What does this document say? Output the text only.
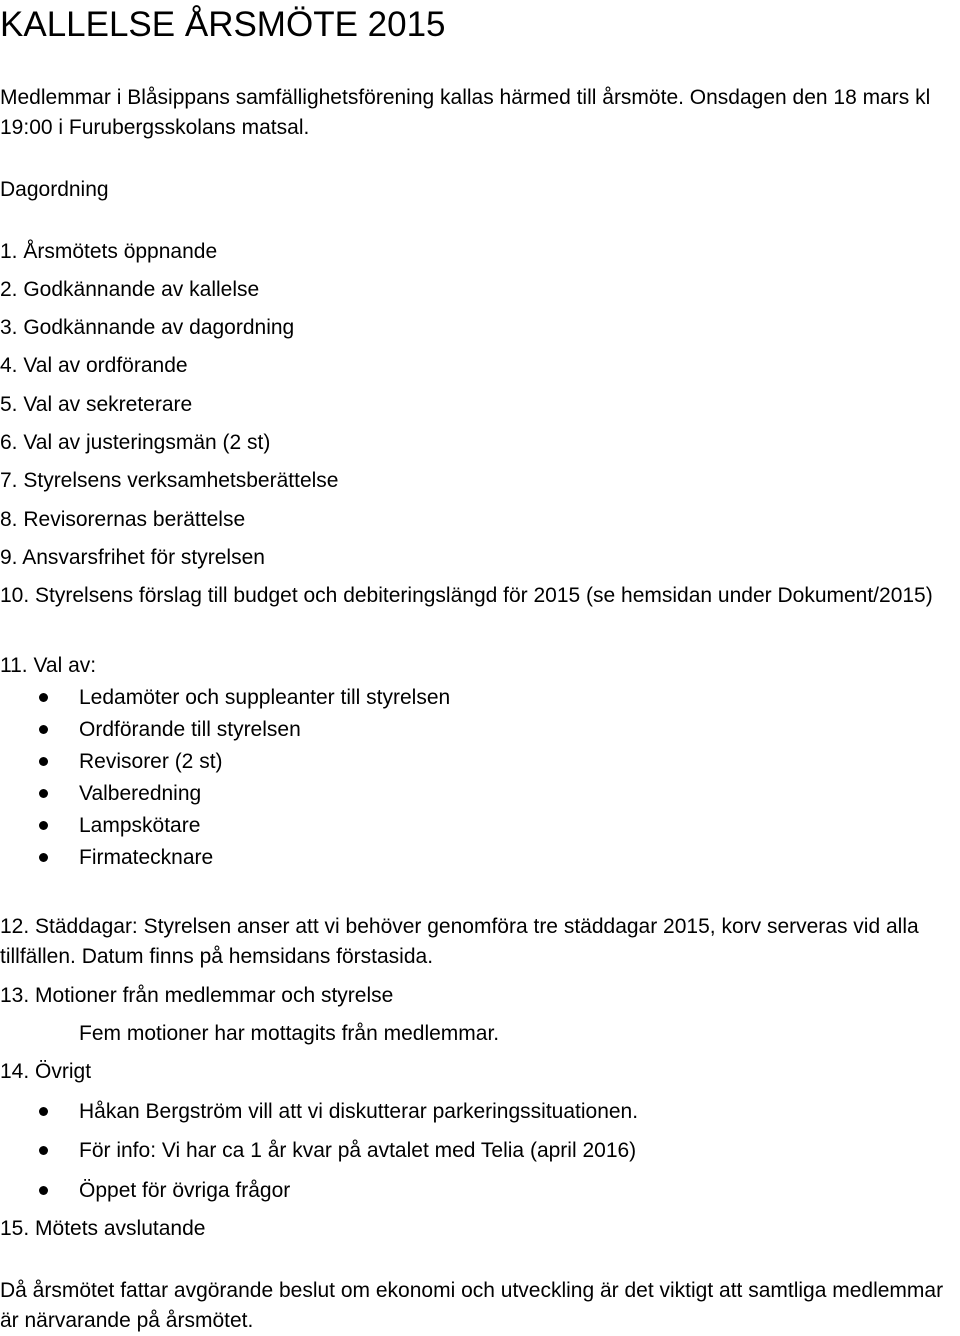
KALLELSE ÅRSMÖTE 2015

Medlemmar i Blåsippans samfällighetsförening kallas härmed till årsmöte. Onsdagen den 18 mars kl 19:00 i Furubergsskolans matsal.

Dagordning
1. Årsmötets öppnande
2. Godkännande av kallelse
3. Godkännande av dagordning
4. Val av ordförande
5. Val av sekreterare
6. Val av justeringsmän (2 st)
7. Styrelsens verksamhetsberättelse
8. Revisorernas berättelse
9. Ansvarsfrihet för styrelsen

10. Styrelsens förslag till budget och debiteringslängd för 2015 (se hemsidan under Dokument/2015)

11. Val av:
Ledamöter och suppleanter till styrelsen
Ordförande till styrelsen
Revisorer (2 st)
Valberedning
Lampskötare
Firmatecknare

12. Städdagar: Styrelsen anser att vi behöver genomföra tre städdagar 2015, korv serveras vid alla tillfällen. Datum finns på hemsidans förstasida.

13. Motioner från medlemmar och styrelse
Fem motioner har mottagits från medlemmar.
14. Övrigt
Håkan Bergström vill att vi diskutterar parkeringssituationen.
För info: Vi har ca 1 år kvar på avtalet med Telia (april 2016)
Öppet för övriga frågor
15. Mötets avslutande

Då årsmötet fattar avgörande beslut om ekonomi och utveckling är det viktigt att samtliga medlemmar är närvarande på årsmötet.
